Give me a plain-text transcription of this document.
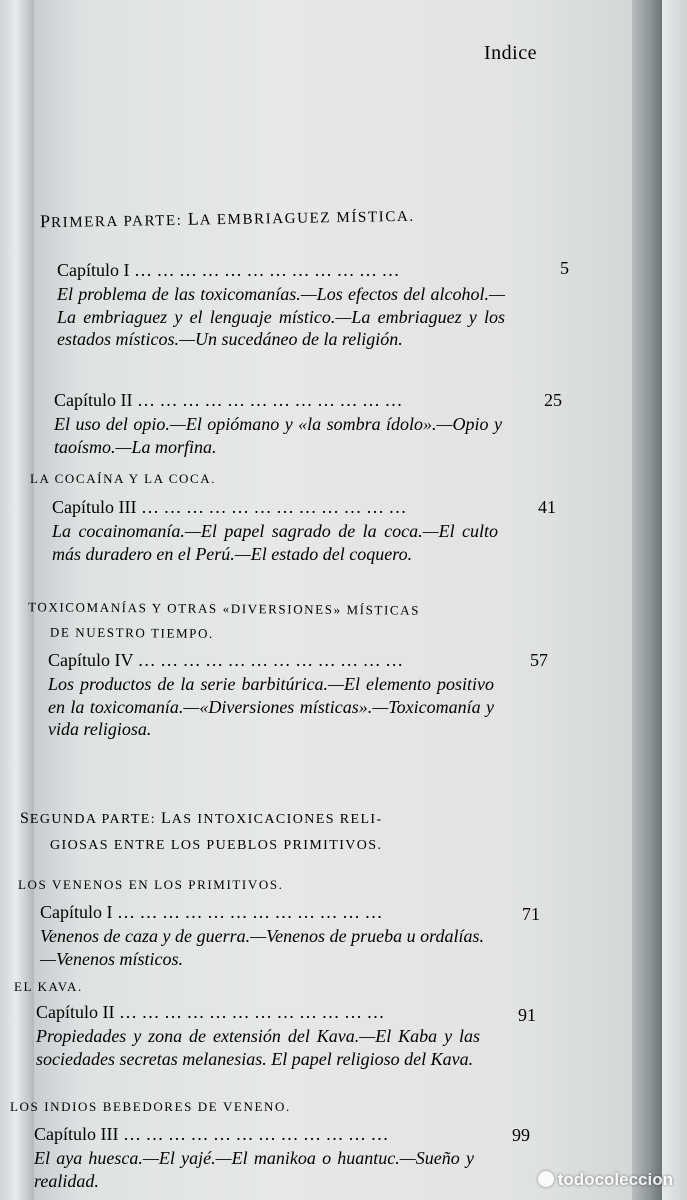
Indice
PRIMERA PARTE: LA EMBRIAGUEZ MÍSTICA.
Capítulo I … … … … … … … … … … … …
El problema de las toxicomanías.—Los efectos del alcohol.—La embriaguez y el lenguaje místico.—La embriaguez y los estados místicos.—Un sucedáneo de la religión.
5
Capítulo II … … … … … … … … … … … …
El uso del opio.—El opiómano y «la sombra ídolo».—Opio y taoísmo.—La morfina.
25
LA COCAÍNA Y LA COCA.
Capítulo III … … … … … … … … … … … …
La cocainomanía.—El papel sagrado de la coca.—El culto más duradero en el Perú.—El estado del coquero.
41
TOXICOMANÍAS Y OTRAS «DIVERSIONES» MÍSTICAS
DE NUESTRO TIEMPO.
Capítulo IV … … … … … … … … … … … …
Los productos de la serie barbitúrica.—El elemento positivo en la toxicomanía.—«Diversiones místicas».—Toxicomanía y vida religiosa.
57
SEGUNDA PARTE: LAS INTOXICACIONES RELI-
GIOSAS ENTRE LOS PUEBLOS PRIMITIVOS.
LOS VENENOS EN LOS PRIMITIVOS.
Capítulo I … … … … … … … … … … … …
Venenos de caza y de guerra.—Venenos de prueba u ordalías.—Venenos místicos.
71
EL KAVA.
Capítulo II … … … … … … … … … … … …
Propiedades y zona de extensión del Kava.—El Kaba y las sociedades secretas melanesias. El papel religioso del Kava.
91
LOS INDIOS BEBEDORES DE VENENO.
Capítulo III … … … … … … … … … … … …
El aya huesca.—El yajé.—El manikoa o huantuc.—Sueño y realidad.
99
todocoleccion
